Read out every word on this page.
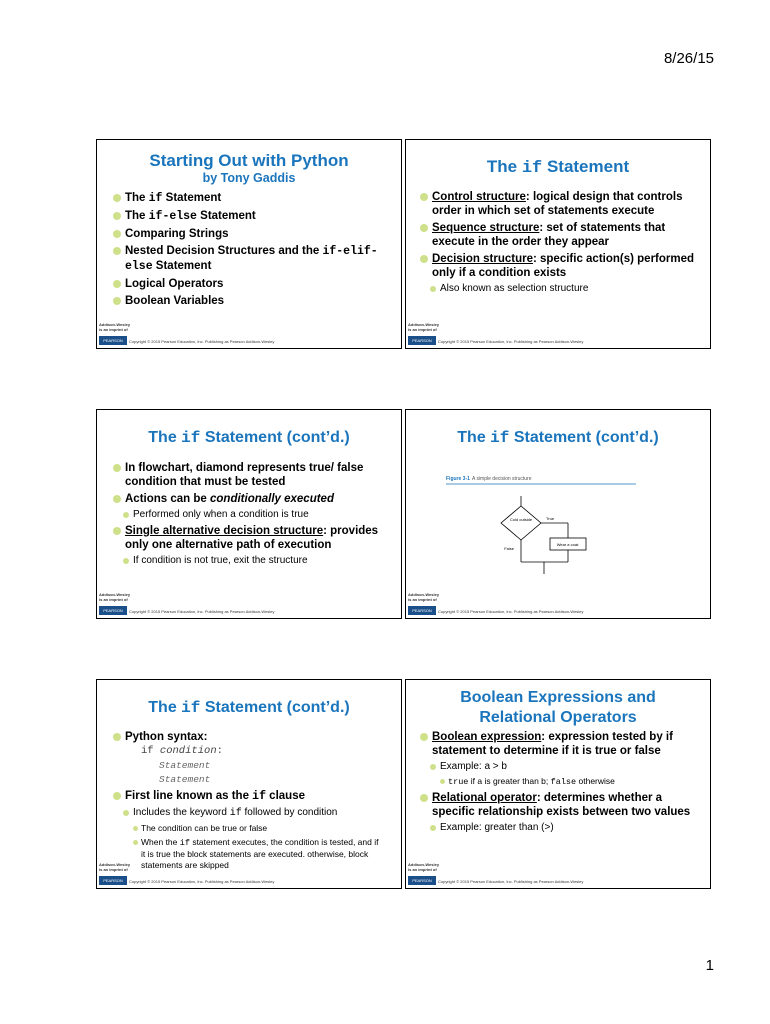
8/26/15
Starting Out with Python
by Tony Gaddis
The if Statement
The if-else Statement
Comparing Strings
Nested Decision Structures and the if-elif-else Statement
Logical Operators
Boolean Variables
Addison-Wesley
is an imprint of
PEARSON	Copyright © 2015 Pearson Education, Inc. Publishing as Pearson Addison-Wesley
The if Statement
Control structure: logical design that controls order in which set of statements execute
Sequence structure: set of statements that execute in the order they appear
Decision structure: specific action(s) performed only if a condition exists
Also known as selection structure
Addison-Wesley
is an imprint of
PEARSON	Copyright © 2015 Pearson Education, Inc. Publishing as Pearson Addison-Wesley
The if Statement (cont’d.)
In flowchart, diamond represents true/ false condition that must be tested
Actions can be conditionally executed
Performed only when a condition is true
Single alternative decision structure: provides only one alternative path of execution
If condition is not true, exit the structure
Addison-Wesley
is an imprint of
PEARSON	Copyright © 2015 Pearson Education, Inc. Publishing as Pearson Addison-Wesley
The if Statement (cont’d.)
Figure 3-1 A simple decision structure
Cold outside	True
Wear a coat.
False
Addison-Wesley
is an imprint of
PEARSON	Copyright © 2015 Pearson Education, Inc. Publishing as Pearson Addison-Wesley
The if Statement (cont’d.)
Python syntax:
if condition:
Statement
Statement
First line known as the if clause
Includes the keyword if followed by condition
The condition can be true or false
When the if statement executes, the condition is tested, and if it is true the block statements are executed. otherwise, block statements are skipped
Addison-Wesley
is an imprint of
PEARSON	Copyright © 2015 Pearson Education, Inc. Publishing as Pearson Addison-Wesley
Boolean Expressions and
Relational Operators
Boolean expression: expression tested by if statement to determine if it is true or false
Example: a > b
true if a is greater than b; false otherwise
Relational operator: determines whether a specific relationship exists between two values
Example: greater than (>)
Addison-Wesley
is an imprint of
PEARSON	Copyright © 2015 Pearson Education, Inc. Publishing as Pearson Addison-Wesley
1
